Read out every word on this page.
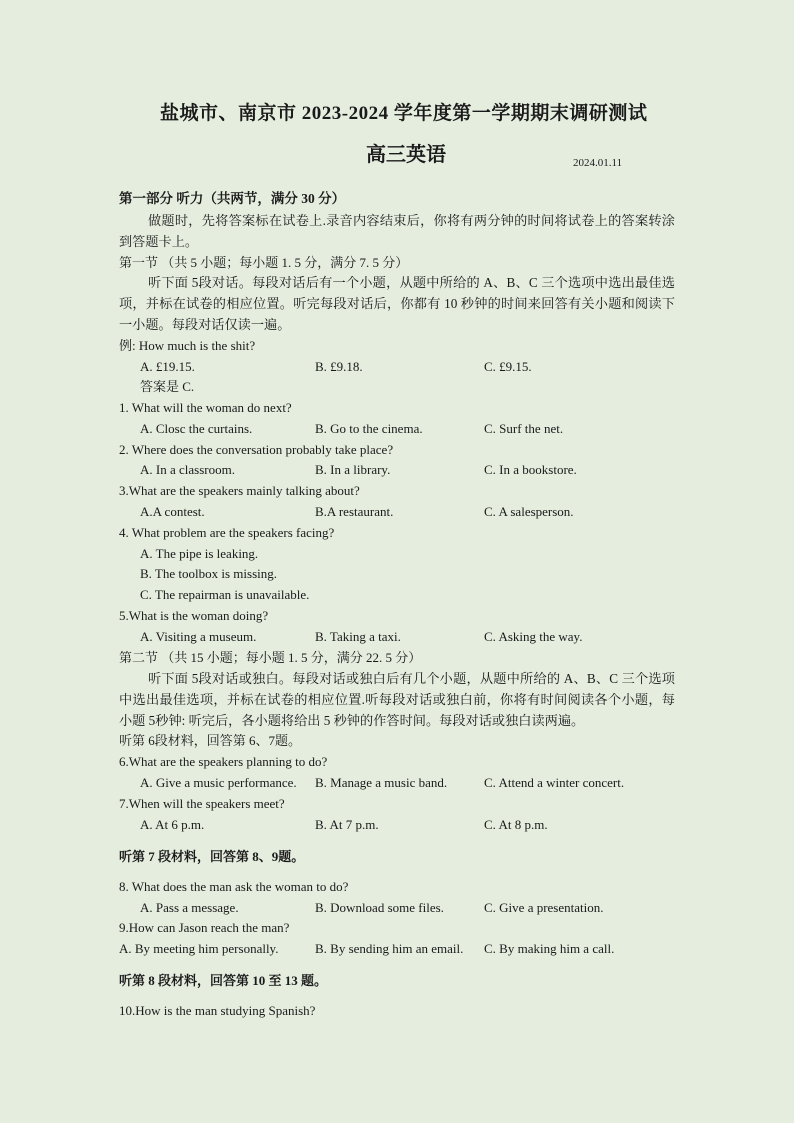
盐城市、南京市 2023-2024 学年度第一学期期末调研测试
高三英语	2024.01.11
第一部分 听力（共两节，满分 30 分）
做题时，先将答案标在试卷上.录音内容结束后，你将有两分钟的时间将试卷上的答案转涂到答题卡上。
第一节 （共 5 小题；每小题 1. 5 分，满分 7. 5 分）
听下面 5段对话。每段对话后有一个小题，从题中所给的 A、B、C 三个选项中选出最佳选项，并标在试卷的相应位置。听完每段对话后，你都有 10 秒钟的时间来回答有关小题和阅读下一小题。每段对话仅读一遍。
例: How much is the shit?
A. £19.15.	B. £9.18.	C. £9.15.
答案是 C.
1. What will the woman do next?
A. Closc the curtains.	B. Go to the cinema.	C. Surf the net.
2. Where does the conversation probably take place?
A. In a classroom.	B. In a library.	C. In a bookstore.
3.What are the speakers mainly talking about?
A.A contest.	B.A restaurant.	C. A salesperson.
4. What problem are the speakers facing?
A. The pipe is leaking.
B. The toolbox is missing.
C. The repairman is unavailable.
5.What is the woman doing?
A. Visiting a museum.	B. Taking a taxi.	C. Asking the way.
第二节 （共 15 小题；每小题 1. 5 分，满分 22. 5 分）
听下面 5段对话或独白。每段对话或独白后有几个小题，从题中所给的 A、B、C 三个选项中选出最佳选项，并标在试卷的相应位置.听每段对话或独白前，你将有时间阅读各个小题，每小题 5秒钟: 听完后，各小题将给出 5 秒钟的作答时间。每段对话或独白读两遍。
听第 6段材料，回答第 6、7题。
6.What are the speakers planning to do?
A. Give a music performance. B. Manage a music band.	C. Attend a winter concert.
7.When will the speakers meet?
A. At 6 p.m.	B. At 7 p.m.	C. At 8 p.m.
听第 7 段材料，回答第 8、9题。
8. What does the man ask the woman to do?
A. Pass a message.	B. Download some files.	C. Give a presentation.
9.How can Jason reach the man?
A. By meeting him personally.	B. By sending him an email. C. By making him a call.
听第 8 段材料，回答第 10 至 13 题。
10.How is the man studying Spanish?
